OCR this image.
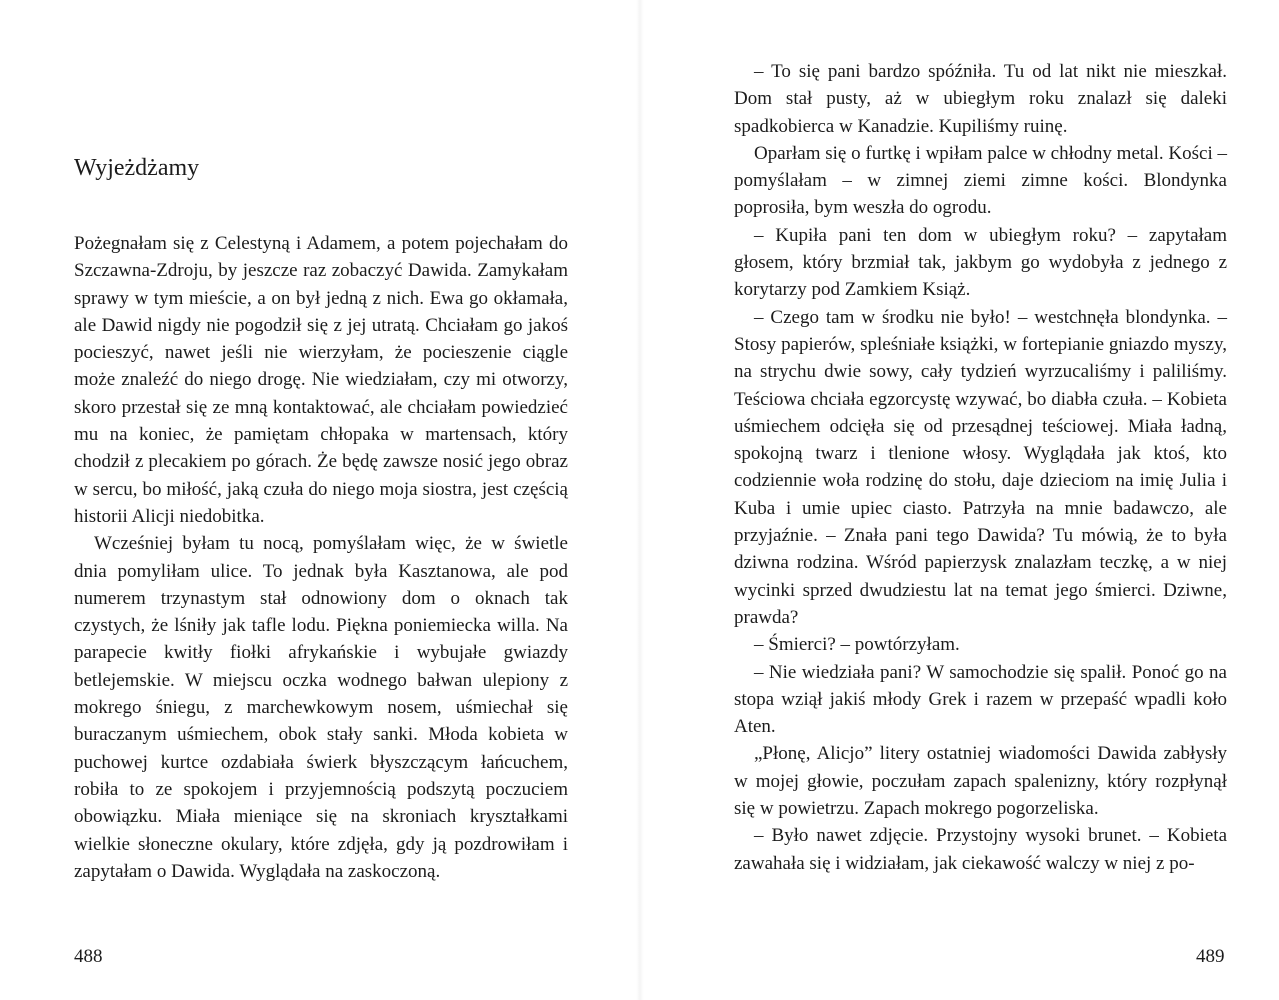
Wyjeżdżamy

Pożegnałam się z Celestyną i Adamem, a potem pojechałam do Szczawna-Zdroju, by jeszcze raz zobaczyć Dawida. Zamykałam sprawy w tym mieście, a on był jedną z nich. Ewa go okłamała, ale Dawid nigdy nie pogodził się z jej utratą. Chciałam go jakoś pocieszyć, nawet jeśli nie wierzyłam, że pocieszenie ciągle może znaleźć do niego drogę. Nie wiedziałam, czy mi otworzy, skoro przestał się ze mną kontaktować, ale chciałam powiedzieć mu na koniec, że pamiętam chłopaka w martensach, który chodził z plecakiem po górach. Że będę zawsze nosić jego obraz w sercu, bo miłość, jaką czuła do niego moja siostra, jest częścią historii Alicji niedobitka.

Wcześniej byłam tu nocą, pomyślałam więc, że w świetle dnia pomyliłam ulice. To jednak była Kasztanowa, ale pod numerem trzynastym stał odnowiony dom o oknach tak czystych, że lśniły jak tafle lodu. Piękna poniemiecka willa. Na parapecie kwitły fiołki afrykańskie i wybujałe gwiazdy betlejemskie. W miejscu oczka wodnego bałwan ulepiony z mokrego śniegu, z marchewkowym nosem, uśmiechał się buraczanym uśmiechem, obok stały sanki. Młoda kobieta w puchowej kurtce ozdabiała świerk błyszczącym łańcuchem, robiła to ze spokojem i przyjemnością podszytą poczuciem obowiązku. Miała mieniące się na skroniach kryształkami wielkie słoneczne okulary, które zdjęła, gdy ją pozdrowiłam i zapytałam o Dawida. Wyglądała na zaskoczoną.

488

– To się pani bardzo spóźniła. Tu od lat nikt nie mieszkał. Dom stał pusty, aż w ubiegłym roku znalazł się daleki spadkobierca w Kanadzie. Kupiliśmy ruinę.

Oparłam się o furtkę i wpiłam palce w chłodny metal. Kości – pomyślałam – w zimnej ziemi zimne kości. Blondynka poprosiła, bym weszła do ogrodu.

– Kupiła pani ten dom w ubiegłym roku? – zapytałam głosem, który brzmiał tak, jakbym go wydobyła z jednego z korytarzy pod Zamkiem Książ.

– Czego tam w środku nie było! – westchnęła blondynka. – Stosy papierów, spleśniałe książki, w fortepianie gniazdo myszy, na strychu dwie sowy, cały tydzień wyrzucaliśmy i paliliśmy. Teściowa chciała egzorcystę wzywać, bo diabła czuła. – Kobieta uśmiechem odcięła się od przesądnej teściowej. Miała ładną, spokojną twarz i tlenione włosy. Wyglądała jak ktoś, kto codziennie woła rodzinę do stołu, daje dzieciom na imię Julia i Kuba i umie upiec ciasto. Patrzyła na mnie badawczo, ale przyjaźnie. – Znała pani tego Dawida? Tu mówią, że to była dziwna rodzina. Wśród papierzysk znalazłam teczkę, a w niej wycinki sprzed dwudziestu lat na temat jego śmierci. Dziwne, prawda?

– Śmierci? – powtórzyłam.

– Nie wiedziała pani? W samochodzie się spalił. Ponoć go na stopa wziął jakiś młody Grek i razem w przepaść wpadli koło Aten.

„Płonę, Alicjo” litery ostatniej wiadomości Dawida zabłysły w mojej głowie, poczułam zapach spalenizny, który rozpłynął się w powietrzu. Zapach mokrego pogorzeliska.

– Było nawet zdjęcie. Przystojny wysoki brunet. – Kobieta zawahała się i widziałam, jak ciekawość walczy w niej z po-

489
